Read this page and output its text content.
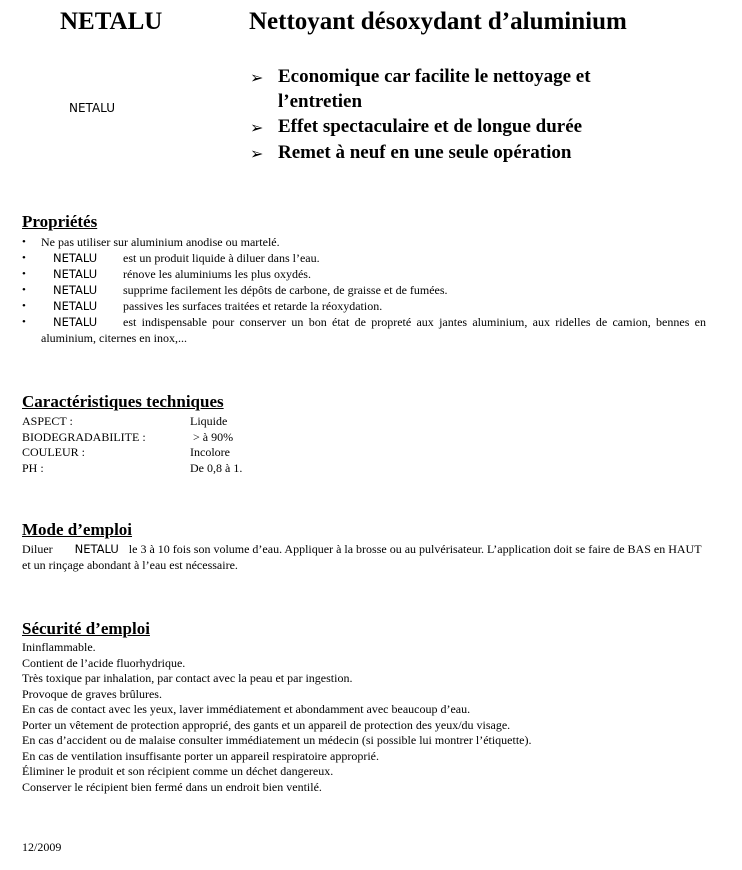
NETALU	Nettoyant désoxydant d’aluminium
NETALU
➢ Economique car facilite le nettoyage et l’entretien
➢ Effet spectaculaire et de longue durée
➢ Remet à neuf en une seule opération
Propriétés
•	Ne pas utiliser sur aluminium anodise ou martelé.
•	NETALU est un produit liquide à diluer dans l’eau.
•	NETALU rénove les aluminiums les plus oxydés.
•	NETALU supprime facilement les dépôts de carbone, de graisse et de fumées.
•	NETALU passives les surfaces traitées et retarde la réoxydation.
•	NETALU est indispensable pour conserver un bon état de propreté aux jantes aluminium, aux ridelles de camion, bennes en aluminium, citernes en inox,...
Caractéristiques techniques
ASPECT :	Liquide
BIODEGRADABILITE :	> à 90%
COULEUR :	Incolore
PH :	De 0,8 à 1.
Mode d’emploi
Diluer NETALU le 3 à 10 fois son volume d’eau. Appliquer à la brosse ou au pulvérisateur. L’application doit se faire de BAS en HAUT et un rinçage abondant à l’eau est nécessaire.
Sécurité d’emploi
Ininflammable.
Contient de l’acide fluorhydrique.
Très toxique par inhalation, par contact avec la peau et par ingestion.
Provoque de graves brûlures.
En cas de contact avec les yeux, laver immédiatement et abondamment avec beaucoup d’eau.
Porter un vêtement de protection approprié, des gants et un appareil de protection des yeux/du visage.
En cas d’accident ou de malaise consulter immédiatement un médecin (si possible lui montrer l’étiquette).
En cas de ventilation insuffisante porter un appareil respiratoire approprié.
Éliminer le produit et son récipient comme un déchet dangereux.
Conserver le récipient bien fermé dans un endroit bien ventilé.
12/2009
